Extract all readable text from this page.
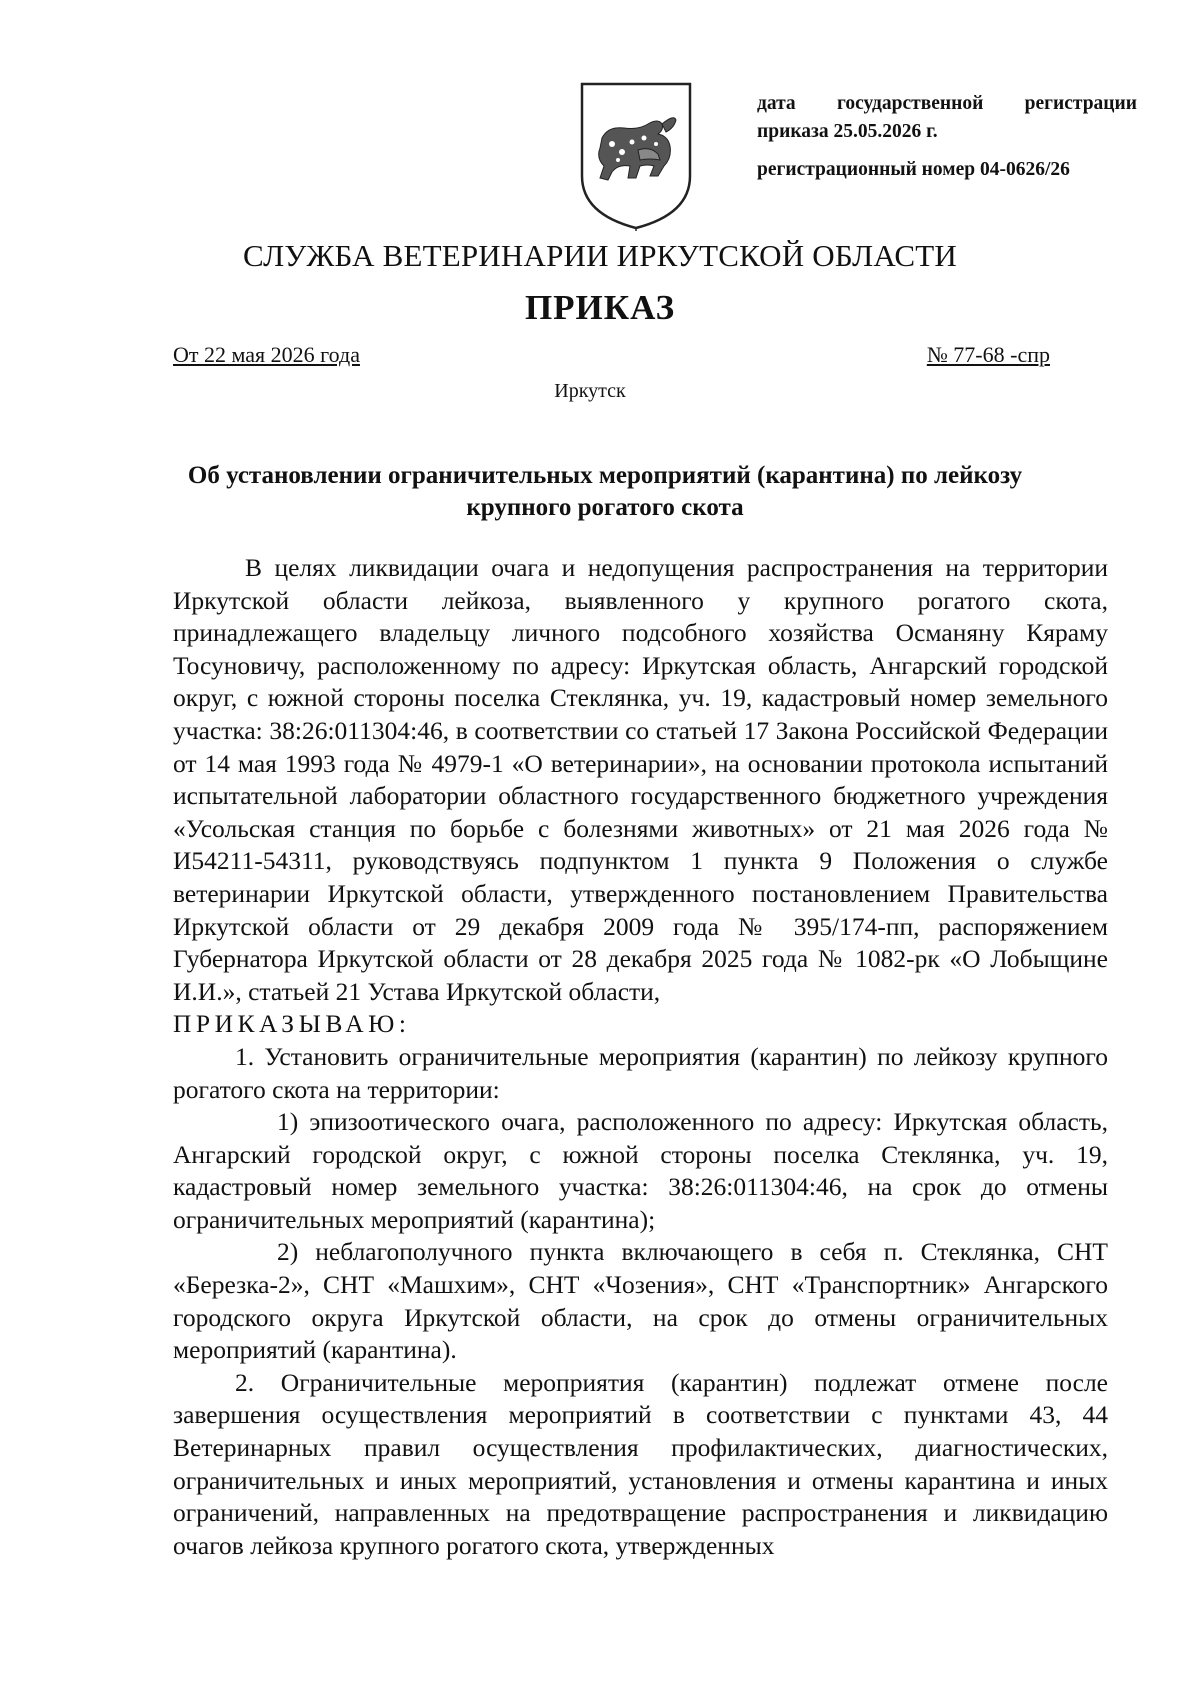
дата государственной регистрации
приказа 25.05.2026 г.
регистрационный номер 04-0626/26
СЛУЖБА ВЕТЕРИНАРИИ ИРКУТСКОЙ ОБЛАСТИ
ПРИКАЗ
От 22 мая 2026 года	№ 77-68 -спр
Иркутск
Об установлении ограничительных мероприятий (карантина) по лейкозу крупного рогатого скота

В целях ликвидации очага и недопущения распространения на территории Иркутской области лейкоза, выявленного у крупного рогатого скота, принадлежащего владельцу личного подсобного хозяйства Османяну Кяраму Тосуновичу, расположенному по адресу: Иркутская область, Ангарский городской округ, с южной стороны поселка Стеклянка, уч. 19, кадастровый номер земельного участка: 38:26:011304:46, в соответствии со статьей 17 Закона Российской Федерации от 14 мая 1993 года № 4979-1 «О ветеринарии», на основании протокола испытаний испытательной лаборатории областного государственного бюджетного учреждения «Усольская станция по борьбе с болезнями животных» от 21 мая 2026 года № И54211-54311, руководствуясь подпунктом 1 пункта 9 Положения о службе ветеринарии Иркутской области, утвержденного постановлением Правительства Иркутской области от 29 декабря 2009 года № 395/174-пп, распоряжением Губернатора Иркутской области от 28 декабря 2025 года № 1082-рк «О Лобыщине И.И.», статьей 21 Устава Иркутской области,

ПРИКАЗЫВАЮ:

1. Установить ограничительные мероприятия (карантин) по лейкозу крупного рогатого скота на территории:

1) эпизоотического очага, расположенного по адресу: Иркутская область, Ангарский городской округ, с южной стороны поселка Стеклянка, уч. 19, кадастровый номер земельного участка: 38:26:011304:46, на срок до отмены ограничительных мероприятий (карантина);

2) неблагополучного пункта включающего в себя п. Стеклянка, СНТ «Березка-2», СНТ «Машхим», СНТ «Чозения», СНТ «Транспортник» Ангарского городского округа Иркутской области, на срок до отмены ограничительных мероприятий (карантина).

2. Ограничительные мероприятия (карантин) подлежат отмене после завершения осуществления мероприятий в соответствии с пунктами 43, 44 Ветеринарных правил осуществления профилактических, диагностических, ограничительных и иных мероприятий, установления и отмены карантина и иных ограничений, направленных на предотвращение распространения и ликвидацию очагов лейкоза крупного рогатого скота, утвержденных
